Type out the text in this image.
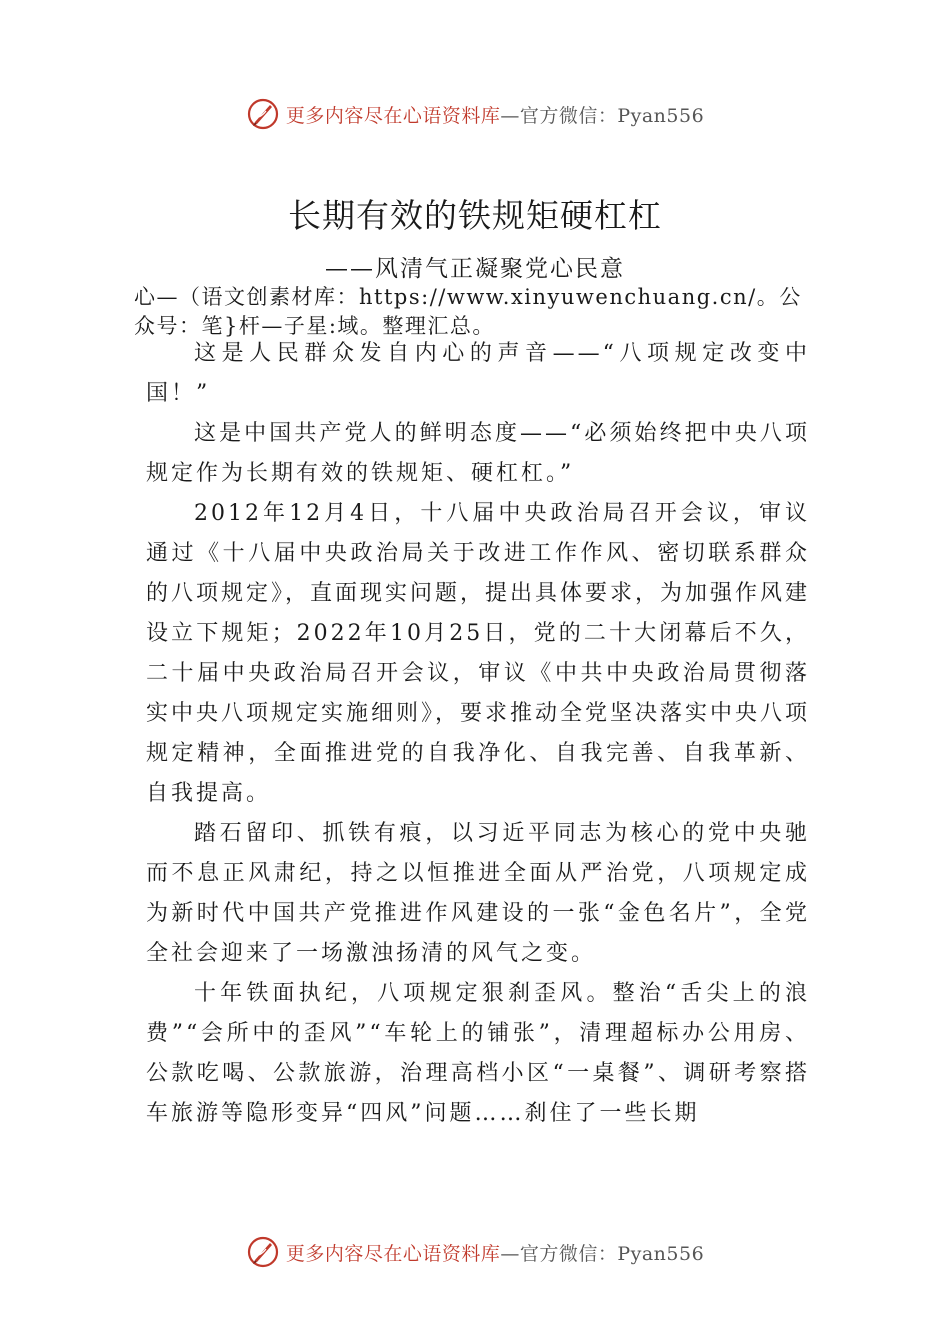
更多内容尽在心语资料库—官方微信：Pyan556
长期有效的铁规矩硬杠杠
——风清气正凝聚党心民意
心—（语文创素材库：https://www.xinyuwenchuang.cn/。公众号：笔}杆—子星:域。整理汇总。

这是人民群众发自内心的声音——“八项规定改变中国！”

这是中国共产党人的鲜明态度——“必须始终把中央八项规定作为长期有效的铁规矩、硬杠杠。”

2012年12月4日，十八届中央政治局召开会议，审议通过《十八届中央政治局关于改进工作作风、密切联系群众的八项规定》，直面现实问题，提出具体要求，为加强作风建设立下规矩；2022年10月25日，党的二十大闭幕后不久，二十届中央政治局召开会议，审议《中共中央政治局贯彻落实中央八项规定实施细则》，要求推动全党坚决落实中央八项规定精神，全面推进党的自我净化、自我完善、自我革新、自我提高。

踏石留印、抓铁有痕，以习近平同志为核心的党中央驰而不息正风肃纪，持之以恒推进全面从严治党，八项规定成为新时代中国共产党推进作风建设的一张“金色名片”，全党全社会迎来了一场激浊扬清的风气之变。

十年铁面执纪，八项规定狠刹歪风。整治“舌尖上的浪费”“会所中的歪风”“车轮上的铺张”，清理超标办公用房、公款吃喝、公款旅游，治理高档小区“一桌餐”、调研考察搭车旅游等隐形变异“四风”问题……刹住了一些长期

更多内容尽在心语资料库—官方微信：Pyan556
